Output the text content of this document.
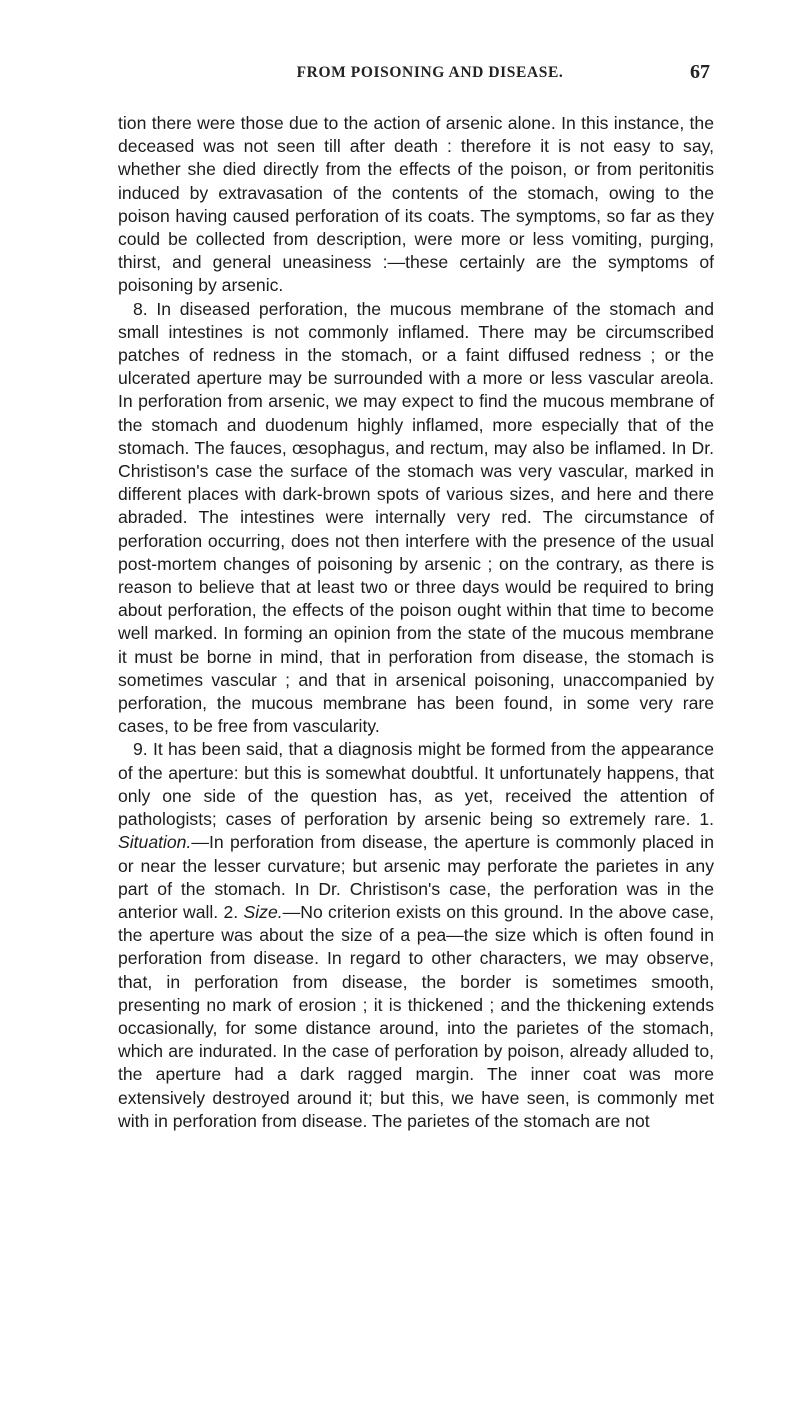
FROM POISONING AND DISEASE.	67

tion there were those due to the action of arsenic alone. In this instance, the deceased was not seen till after death : therefore it is not easy to say, whether she died directly from the effects of the poison, or from peritonitis induced by extravasation of the contents of the stomach, owing to the poison having caused perforation of its coats. The symptoms, so far as they could be collected from description, were more or less vomiting, purging, thirst, and general uneasiness :—these certainly are the symptoms of poisoning by arsenic.

8. In diseased perforation, the mucous membrane of the stomach and small intestines is not commonly inflamed. There may be circumscribed patches of redness in the stomach, or a faint diffused redness ; or the ulcerated aperture may be surrounded with a more or less vascular areola. In perforation from arsenic, we may expect to find the mucous membrane of the stomach and duodenum highly inflamed, more especially that of the stomach. The fauces, œsophagus, and rectum, may also be inflamed. In Dr. Christison's case the surface of the stomach was very vascular, marked in different places with dark-brown spots of various sizes, and here and there abraded. The intestines were internally very red. The circumstance of perforation occurring, does not then interfere with the presence of the usual post-mortem changes of poisoning by arsenic ; on the contrary, as there is reason to believe that at least two or three days would be required to bring about perforation, the effects of the poison ought within that time to become well marked. In forming an opinion from the state of the mucous membrane it must be borne in mind, that in perforation from disease, the stomach is sometimes vascular ; and that in arsenical poisoning, unaccompanied by perforation, the mucous membrane has been found, in some very rare cases, to be free from vascularity.

9. It has been said, that a diagnosis might be formed from the appearance of the aperture: but this is somewhat doubtful. It unfortunately happens, that only one side of the question has, as yet, received the attention of pathologists; cases of perforation by arsenic being so extremely rare. 1. Situation.—In perforation from disease, the aperture is commonly placed in or near the lesser curvature; but arsenic may perforate the parietes in any part of the stomach. In Dr. Christison's case, the perforation was in the anterior wall. 2. Size.—No criterion exists on this ground. In the above case, the aperture was about the size of a pea—the size which is often found in perforation from disease. In regard to other characters, we may observe, that, in perforation from disease, the border is sometimes smooth, presenting no mark of erosion ; it is thickened ; and the thickening extends occasionally, for some distance around, into the parietes of the stomach, which are indurated. In the case of perforation by poison, already alluded to, the aperture had a dark ragged margin. The inner coat was more extensively destroyed around it; but this, we have seen, is commonly met with in perforation from disease. The parietes of the stomach are not
